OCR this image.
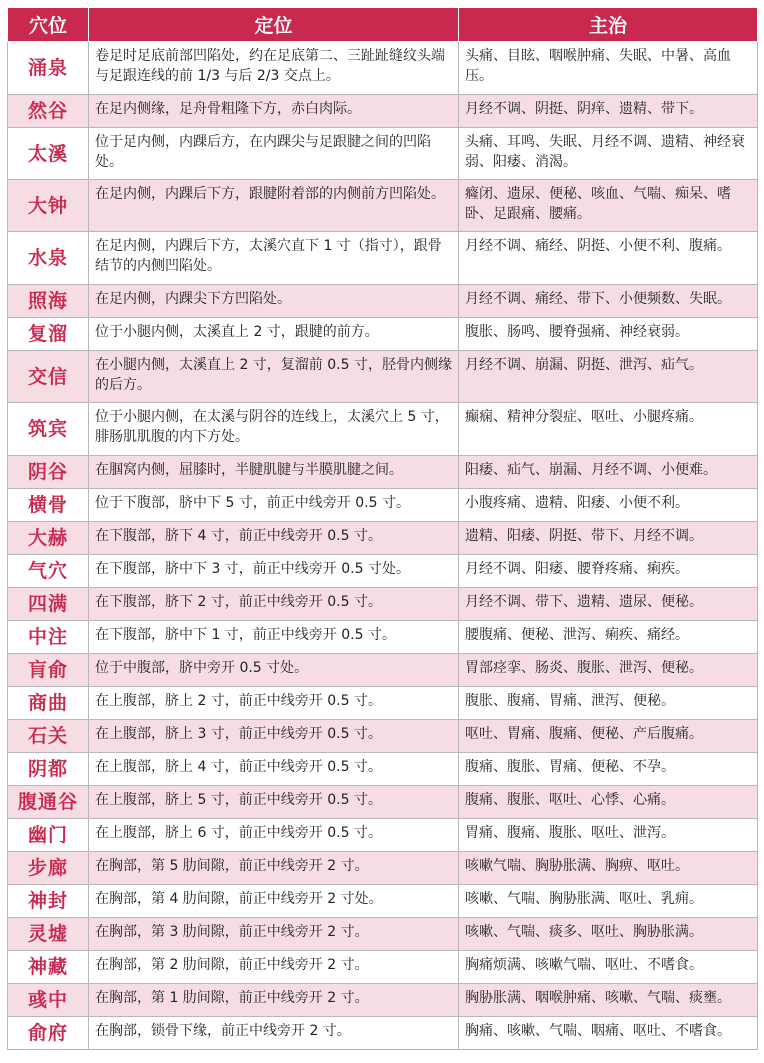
穴位	定位	主治
涌泉	卷足时足底前部凹陷处，约在足底第二、三趾趾缝纹头端与足跟连线的前 1/3 与后 2/3 交点上。	头痛、目眩、咽喉肿痛、失眠、中暑、高血压。
然谷	在足内侧缘，足舟骨粗隆下方，赤白肉际。	月经不调、阴挺、阴痒、遗精、带下。
太溪	位于足内侧，内踝后方，在内踝尖与足跟腱之间的凹陷处。	头痛、耳鸣、失眠、月经不调、遗精、神经衰弱、阳痿、消渴。
大钟	在足内侧，内踝后下方，跟腱附着部的内侧前方凹陷处。	癃闭、遗尿、便秘、咳血、气喘、痴呆、嗜卧、足跟痛、腰痛。
水泉	在足内侧，内踝后下方，太溪穴直下 1 寸（指寸），跟骨结节的内侧凹陷处。	月经不调、痛经、阴挺、小便不利、腹痛。
照海	在足内侧，内踝尖下方凹陷处。	月经不调、痛经、带下、小便频数、失眠。
复溜	位于小腿内侧，太溪直上 2 寸，跟腱的前方。	腹胀、肠鸣、腰脊强痛、神经衰弱。
交信	在小腿内侧，太溪直上 2 寸，复溜前 0.5 寸，胫骨内侧缘的后方。	月经不调、崩漏、阴挺、泄泻、疝气。
筑宾	位于小腿内侧，在太溪与阴谷的连线上，太溪穴上 5 寸，腓肠肌肌腹的内下方处。	癫痫、精神分裂症、呕吐、小腿疼痛。
阴谷	在腘窝内侧，屈膝时，半腱肌腱与半膜肌腱之间。	阳痿、疝气、崩漏、月经不调、小便难。
横骨	位于下腹部，脐中下 5 寸，前正中线旁开 0.5 寸。	小腹疼痛、遗精、阳痿、小便不利。
大赫	在下腹部，脐下 4 寸，前正中线旁开 0.5 寸。	遗精、阳痿、阴挺、带下、月经不调。
气穴	在下腹部，脐中下 3 寸，前正中线旁开 0.5 寸处。	月经不调、阳痿、腰脊疼痛、痢疾。
四满	在下腹部，脐下 2 寸，前正中线旁开 0.5 寸。	月经不调、带下、遗精、遗尿、便秘。
中注	在下腹部，脐中下 1 寸，前正中线旁开 0.5 寸。	腰腹痛、便秘、泄泻、痢疾、痛经。
肓俞	位于中腹部，脐中旁开 0.5 寸处。	胃部痉挛、肠炎、腹胀、泄泻、便秘。
商曲	在上腹部，脐上 2 寸，前正中线旁开 0.5 寸。	腹胀、腹痛、胃痛、泄泻、便秘。
石关	在上腹部，脐上 3 寸，前正中线旁开 0.5 寸。	呕吐、胃痛、腹痛、便秘、产后腹痛。
阴都	在上腹部，脐上 4 寸，前正中线旁开 0.5 寸。	腹痛、腹胀、胃痛、便秘、不孕。
腹通谷	在上腹部，脐上 5 寸，前正中线旁开 0.5 寸。	腹痛、腹胀、呕吐、心悸、心痛。
幽门	在上腹部，脐上 6 寸，前正中线旁开 0.5 寸。	胃痛、腹痛、腹胀、呕吐、泄泻。
步廊	在胸部，第 5 肋间隙，前正中线旁开 2 寸。	咳嗽气喘、胸胁胀满、胸痹、呕吐。
神封	在胸部，第 4 肋间隙，前正中线旁开 2 寸处。	咳嗽、气喘、胸胁胀满、呕吐、乳痈。
灵墟	在胸部，第 3 肋间隙，前正中线旁开 2 寸。	咳嗽、气喘、痰多、呕吐、胸胁胀满。
神藏	在胸部，第 2 肋间隙，前正中线旁开 2 寸。	胸痛烦满、咳嗽气喘、呕吐、不嗜食。
彧中	在胸部，第 1 肋间隙，前正中线旁开 2 寸。	胸胁胀满、咽喉肿痛、咳嗽、气喘、痰壅。
俞府	在胸部，锁骨下缘，前正中线旁开 2 寸。	胸痛、咳嗽、气喘、咽痛、呕吐、不嗜食。
